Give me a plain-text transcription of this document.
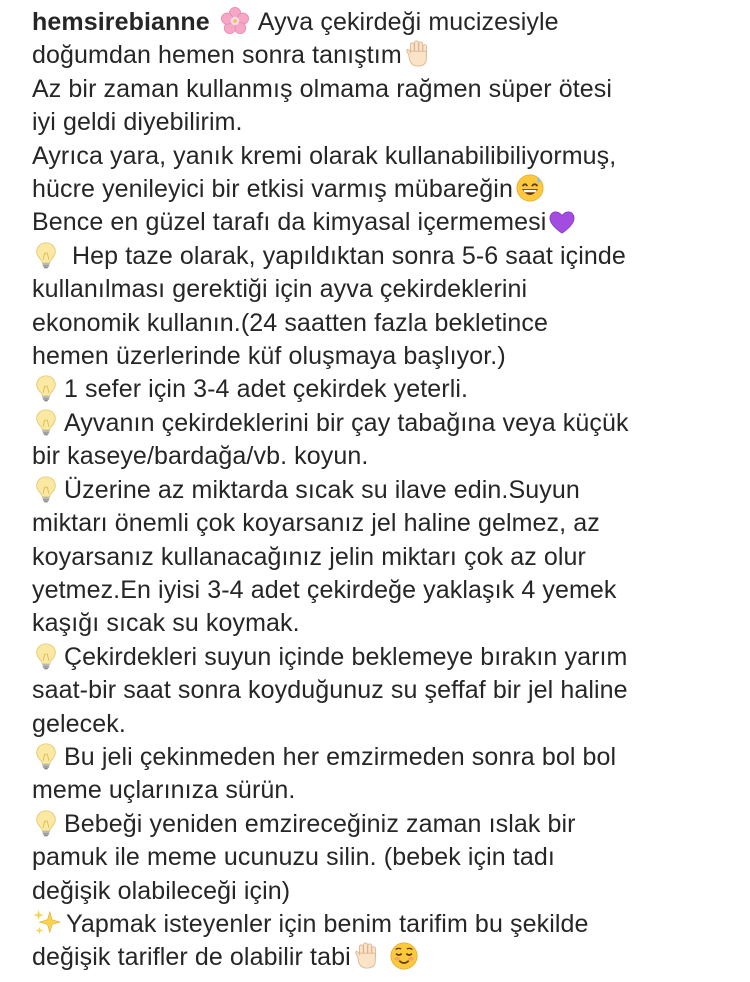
hemsirebianne Ayva çekirdeği mucizesiyle
doğumdan hemen sonra tanıştım
Az bir zaman kullanmış olmama rağmen süper ötesi
iyi geldi diyebilirim.
Ayrıca yara, yanık kremi olarak kullanabilibiliyormuş,
hücre yenileyici bir etkisi varmış mübareğin
Bence en güzel tarafı da kimyasal içermemesi
Hep taze olarak, yapıldıktan sonra 5-6 saat içinde
kullanılması gerektiği için ayva çekirdeklerini
ekonomik kullanın.(24 saatten fazla bekletince
hemen üzerlerinde küf oluşmaya başlıyor.)
1 sefer için 3-4 adet çekirdek yeterli.
Ayvanın çekirdeklerini bir çay tabağına veya küçük
bir kaseye/bardağa/vb. koyun.
Üzerine az miktarda sıcak su ilave edin.Suyun
miktarı önemli çok koyarsanız jel haline gelmez, az
koyarsanız kullanacağınız jelin miktarı çok az olur
yetmez.En iyisi 3-4 adet çekirdeğe yaklaşık 4 yemek
kaşığı sıcak su koymak.
Çekirdekleri suyun içinde beklemeye bırakın yarım
saat-bir saat sonra koyduğunuz su şeffaf bir jel haline
gelecek.
Bu jeli çekinmeden her emzirmeden sonra bol bol
meme uçlarınıza sürün.
Bebeği yeniden emzireceğiniz zaman ıslak bir
pamuk ile meme ucunuzu silin. (bebek için tadı
değişik olabileceği için)
Yapmak isteyenler için benim tarifim bu şekilde
değişik tarifler de olabilir tabi
